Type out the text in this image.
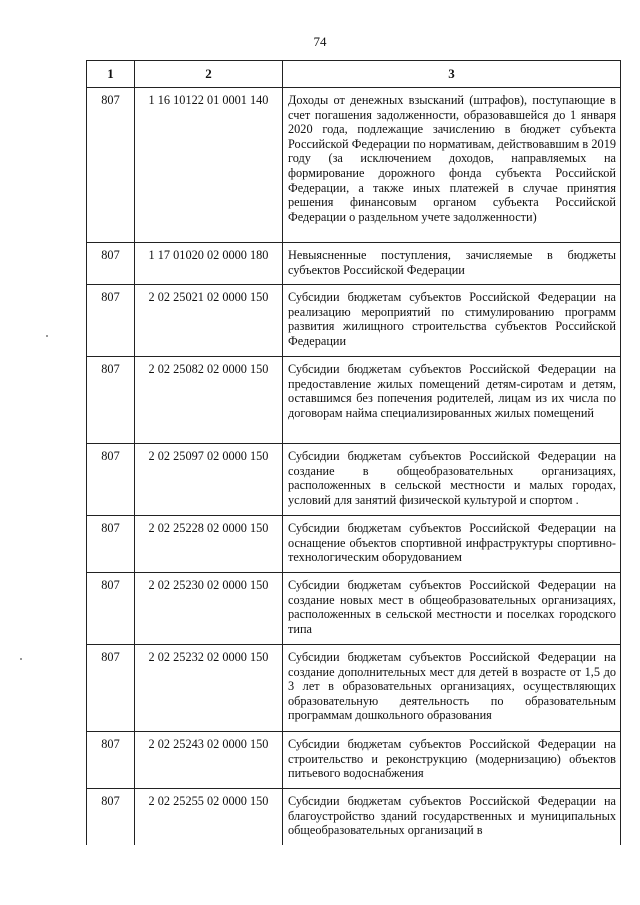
74
1	2	3
807	1 16 10122 01 0001 140	Доходы от денежных взысканий (штрафов), поступающие в счет погашения задолженности, образовавшейся до 1 января 2020 года, подлежащие зачислению в бюджет субъекта Российской Федерации по нормативам, действовавшим в 2019 году (за исключением доходов, направляемых на формирование дорожного фонда субъекта Российской Федерации, а также иных платежей в случае принятия решения финансовым органом субъекта Российской Федерации о раздельном учете задолженности)
807	1 17 01020 02 0000 180	Невыясненные поступления, зачисляемые в бюджеты субъектов Российской Федерации
807	2 02 25021 02 0000 150	Субсидии бюджетам субъектов Российской Федерации на реализацию мероприятий по стимулированию программ развития жилищного строительства субъектов Российской Федерации
807	2 02 25082 02 0000 150	Субсидии бюджетам субъектов Российской Федерации на предоставление жилых помещений детям-сиротам и детям, оставшимся без попечения родителей, лицам из их числа по договорам найма специализированных жилых помещений
807	2 02 25097 02 0000 150	Субсидии бюджетам субъектов Российской Федерации на создание в общеобразовательных организациях, расположенных в сельской местности и малых городах, условий для занятий физической культурой и спортом .
807	2 02 25228 02 0000 150	Субсидии бюджетам субъектов Российской Федерации на оснащение объектов спортивной инфраструктуры спортивно-технологическим оборудованием
807	2 02 25230 02 0000 150	Субсидии бюджетам субъектов Российской Федерации на создание новых мест в общеобразовательных организациях, расположенных в сельской местности и поселках городского типа
807	2 02 25232 02 0000 150	Субсидии бюджетам субъектов Российской Федерации на создание дополнительных мест для детей в возрасте от 1,5 до 3 лет в образовательных организациях, осуществляющих образовательную деятельность по образовательным программам дошкольного образования
807	2 02 25243 02 0000 150	Субсидии бюджетам субъектов Российской Федерации на строительство и реконструкцию (модернизацию) объектов питьевого водоснабжения
807	2 02 25255 02 0000 150	Субсидии бюджетам субъектов Российской Федерации на благоустройство зданий государственных и муниципальных общеобразовательных организаций в
